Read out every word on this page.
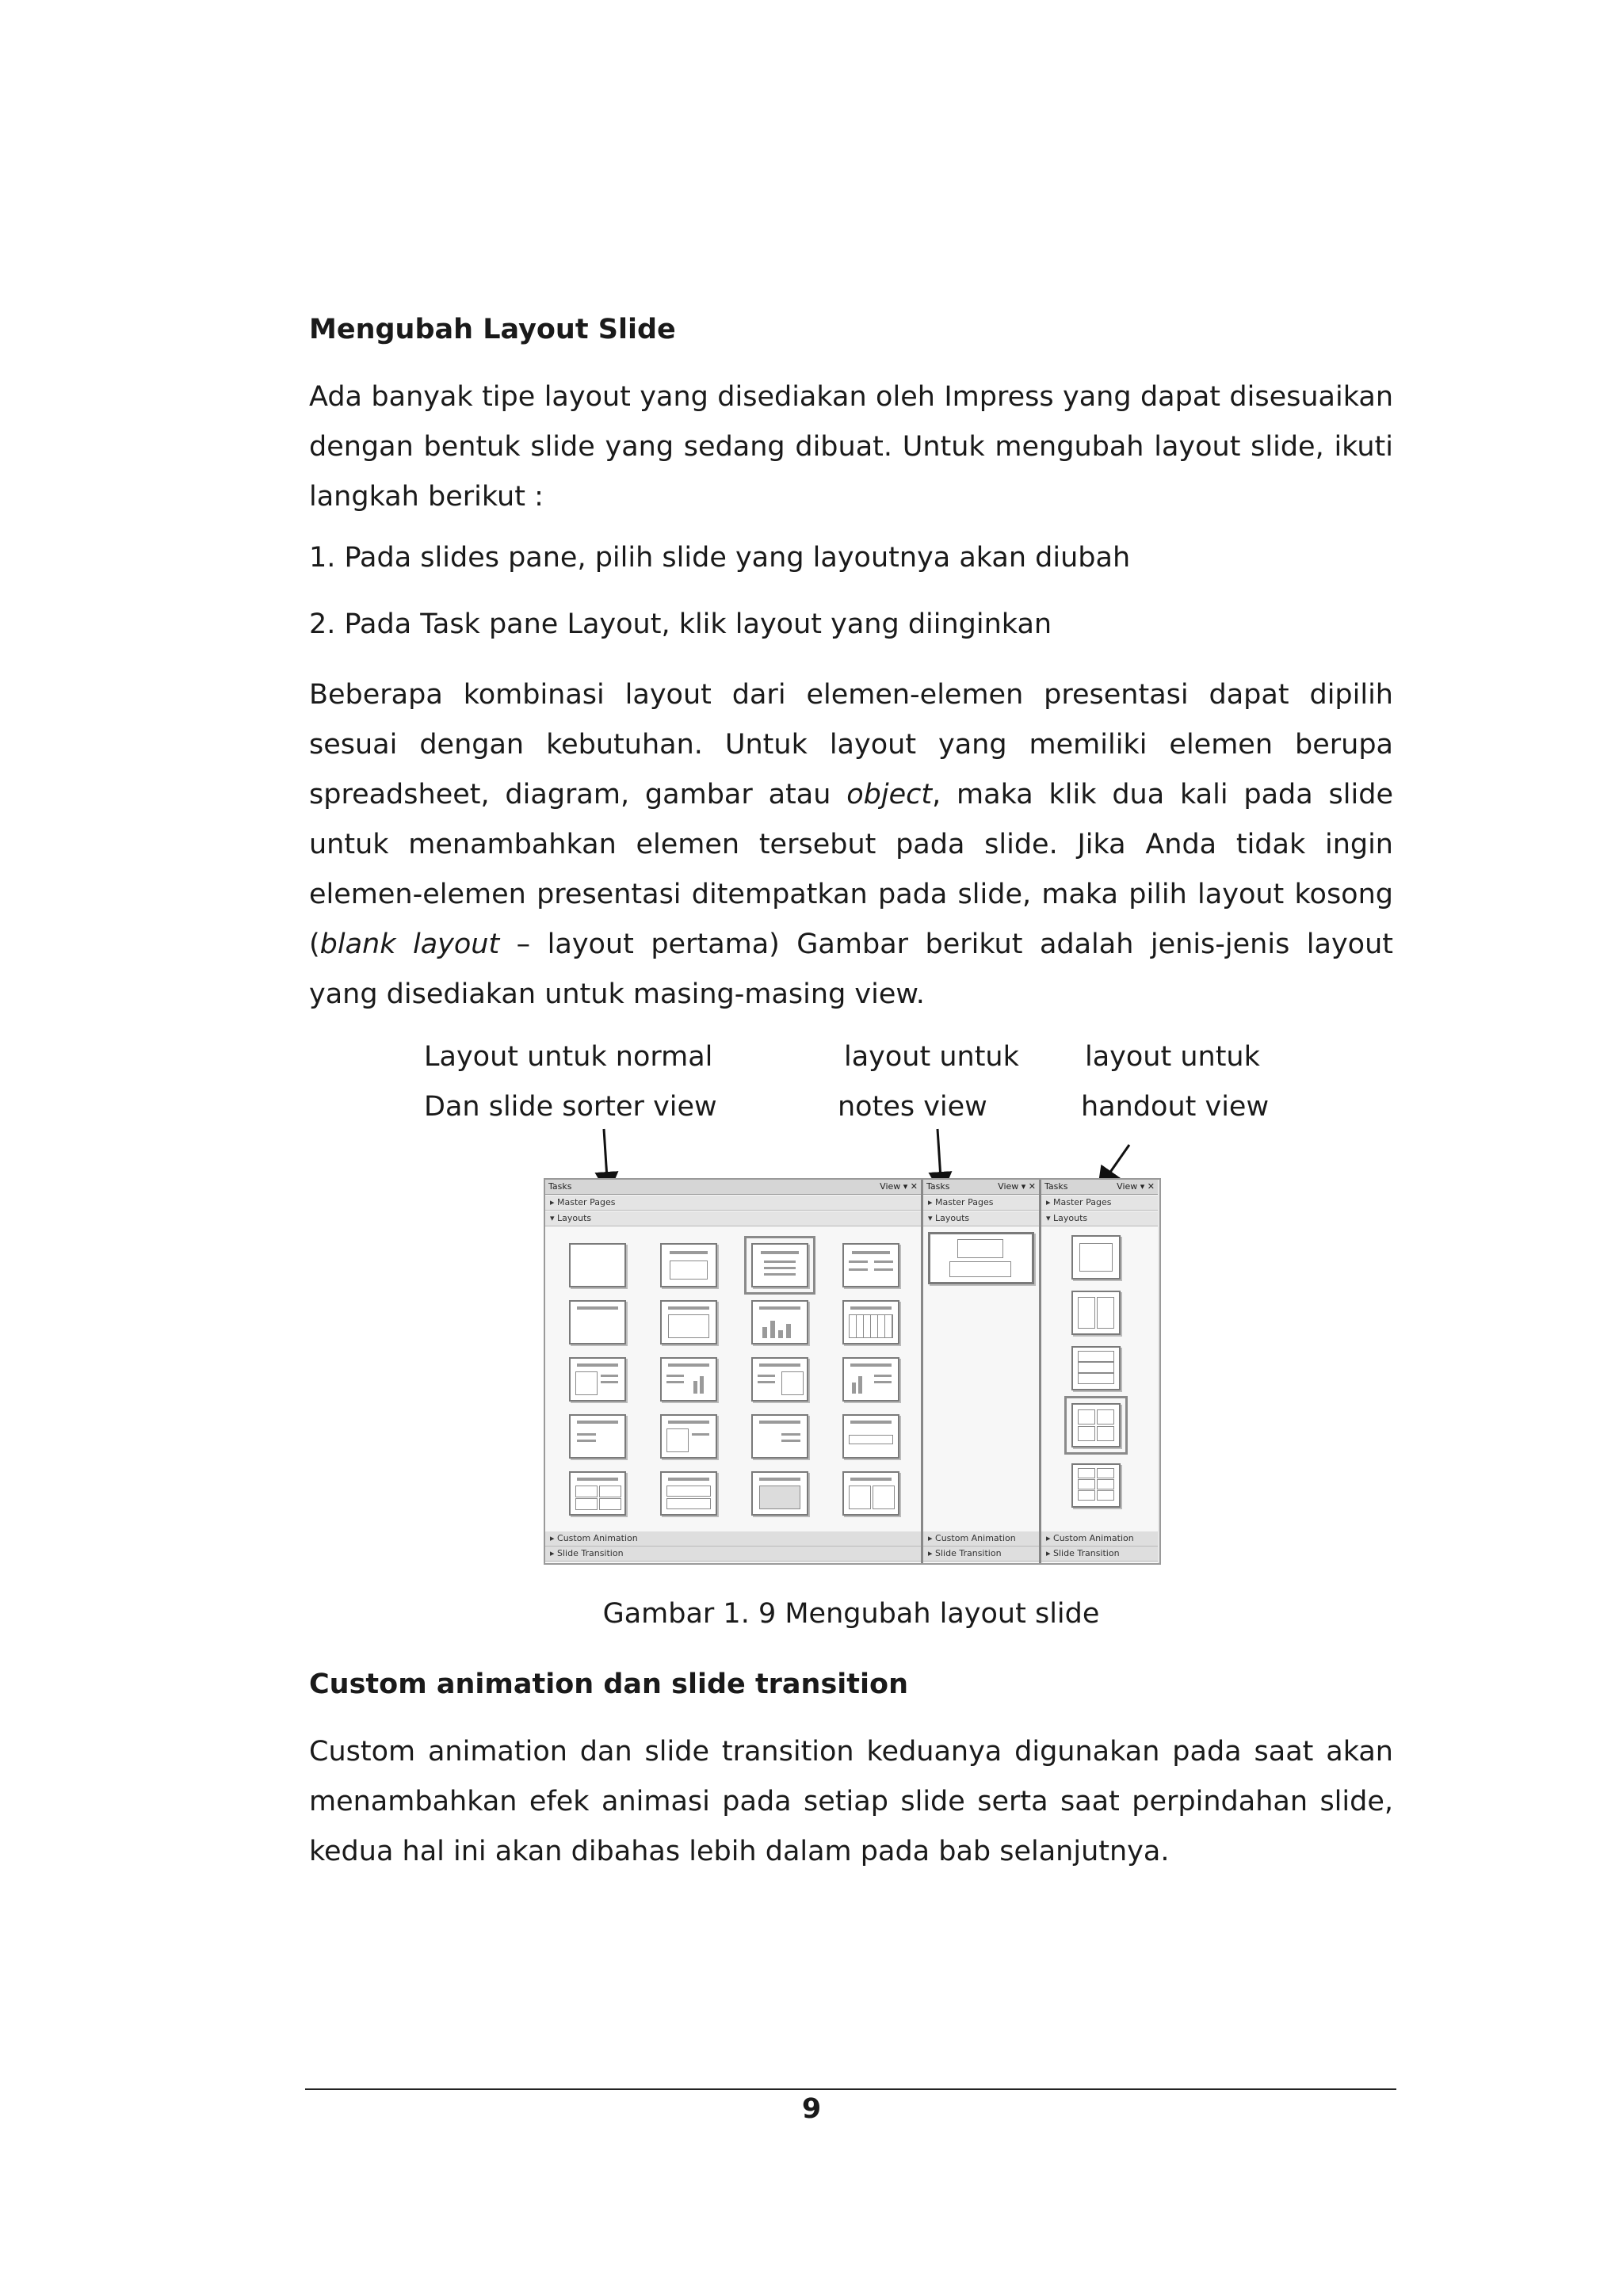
Mengubah Layout Slide
Ada banyak tipe layout yang disediakan oleh Impress yang dapat disesuaikan
dengan bentuk slide yang sedang dibuat. Untuk mengubah layout slide, ikuti
langkah berikut :
1. Pada slides pane, pilih slide yang layoutnya akan diubah
2. Pada Task pane Layout, klik layout yang diinginkan
Beberapa kombinasi layout dari elemen-elemen presentasi dapat dipilih sesuai dengan kebutuhan. Untuk layout yang memiliki elemen berupa spreadsheet, diagram, gambar atau object, maka klik dua kali pada slide untuk menambahkan elemen tersebut pada slide. Jika Anda tidak ingin elemen-elemen presentasi ditempatkan pada slide, maka pilih layout kosong (blank layout – layout pertama) Gambar berikut adalah jenis-jenis layout yang disediakan untuk masing-masing view.
Layout untuk normal
Dan slide sorter view
layout untuk
notes view
layout untuk
handout view
Tasks	View ▾ ✕
▸ Master Pages
▾ Layouts
▸ Custom Animation
▸ Slide Transition
Tasks	View ▾ ✕
▸ Master Pages
▾ Layouts
▸ Custom Animation
▸ Slide Transition
Tasks	View ▾ ✕
▸ Master Pages
▾ Layouts
▸ Custom Animation
▸ Slide Transition
Gambar 1. 9 Mengubah layout slide
Custom animation dan slide transition
Custom animation dan slide transition keduanya digunakan pada saat akan
menambahkan efek animasi pada setiap slide serta saat perpindahan slide,
kedua hal ini akan dibahas lebih dalam pada bab selanjutnya.
9
